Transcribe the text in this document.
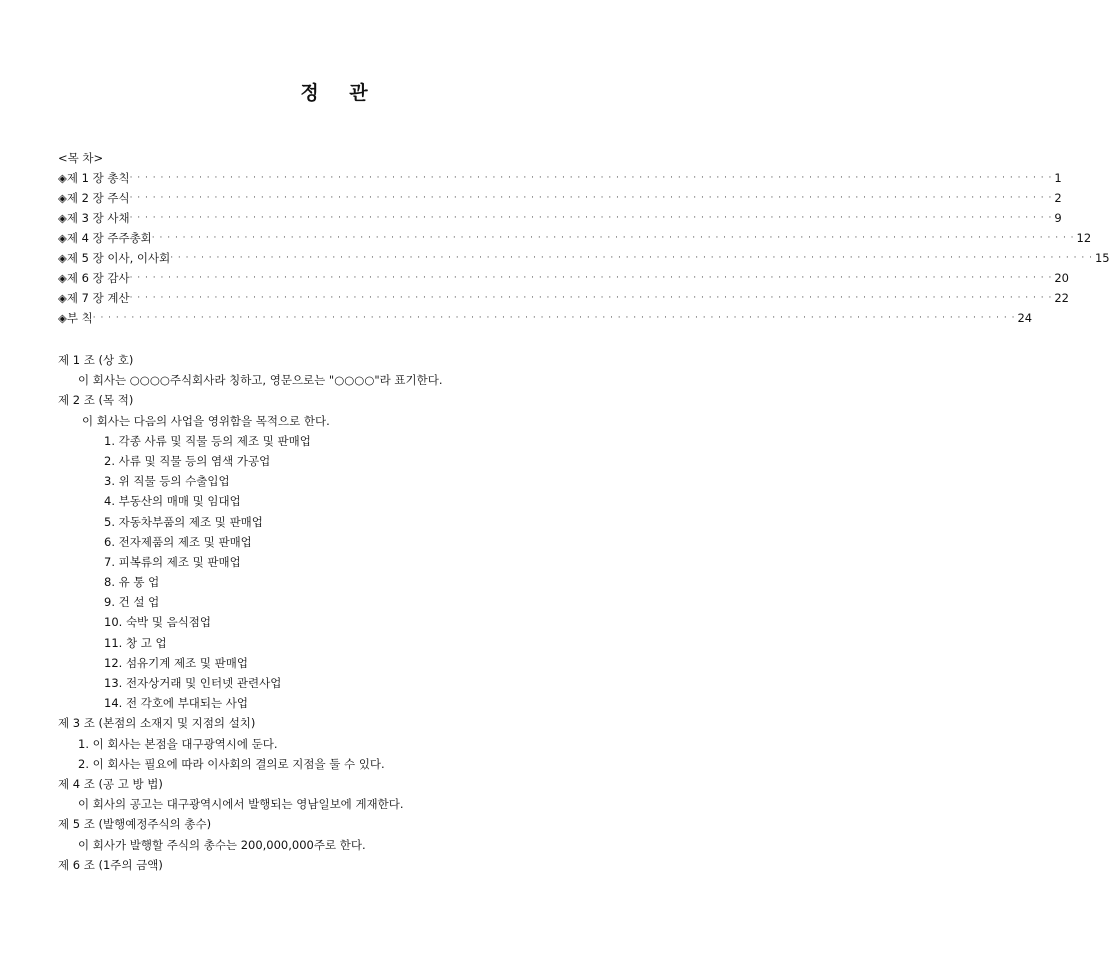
정 관
<목 차>
◈제 1 장 총칙 · · · · · · · · · · · · · · · · · · · · · · · · · · · · · · · · · · · · · · · · · · · · · · · · · · · · · · · · · · · · · · · · · · · · · · · · · · · · · · · · · · · · · · · · · · · · · · · · · · · · · · · · · · · · · · · · · · · · · · · · 1
◈제 2 장 주식 · · · · · · · · · · · · · · · · · · · · · · · · · · · · · · · · · · · · · · · · · · · · · · · · · · · · · · · · · · · · · · · · · · · · · · · · · · · · · · · · · · · · · · · · · · · · · · · · · · · · · · · · · · · · · · · · · · · · · · · · 2
◈제 3 장 사채 · · · · · · · · · · · · · · · · · · · · · · · · · · · · · · · · · · · · · · · · · · · · · · · · · · · · · · · · · · · · · · · · · · · · · · · · · · · · · · · · · · · · · · · · · · · · · · · · · · · · · · · · · · · · · · · · · · · · · · · · 9
◈제 4 장 주주총회 · · · · · · · · · · · · · · · · · · · · · · · · · · · · · · · · · · · · · · · · · · · · · · · · · · · · · · · · · · · · · · · · · · · · · · · · · · · · · · · · · · · · · · · · · · · · · · · · · · · · · · · · · · · · · · · · · · · · · · · · 12
◈제 5 장 이사, 이사회 · · · · · · · · · · · · · · · · · · · · · · · · · · · · · · · · · · · · · · · · · · · · · · · · · · · · · · · · · · · · · · · · · · · · · · · · · · · · · · · · · · · · · · · · · · · · · · · · · · · · · · · · · · · · · · · · · · · · · · · · 15
◈제 6 장 감사 · · · · · · · · · · · · · · · · · · · · · · · · · · · · · · · · · · · · · · · · · · · · · · · · · · · · · · · · · · · · · · · · · · · · · · · · · · · · · · · · · · · · · · · · · · · · · · · · · · · · · · · · · · · · · · · · · · · · · · · · 20
◈제 7 장 계산 · · · · · · · · · · · · · · · · · · · · · · · · · · · · · · · · · · · · · · · · · · · · · · · · · · · · · · · · · · · · · · · · · · · · · · · · · · · · · · · · · · · · · · · · · · · · · · · · · · · · · · · · · · · · · · · · · · · · · · · · 22
◈부 칙 · · · · · · · · · · · · · · · · · · · · · · · · · · · · · · · · · · · · · · · · · · · · · · · · · · · · · · · · · · · · · · · · · · · · · · · · · · · · · · · · · · · · · · · · · · · · · · · · · · · · · · · · · · · · · · · · · · · · · · · · 24
제 1 조 (상 호)
이 회사는 ○○○○주식회사라 칭하고, 영문으로는 "○○○○"라 표기한다.
제 2 조 (목 적)
이 회사는 다음의 사업을 영위함을 목적으로 한다.
1. 각종 사류 및 직물 등의 제조 및 판매업
2. 사류 및 직물 등의 염색 가공업
3. 위 직물 등의 수출입업
4. 부동산의 매매 및 임대업
5. 자동차부품의 제조 및 판매업
6. 전자제품의 제조 및 판매업
7. 피복류의 제조 및 판매업
8. 유 통 업
9. 건 설 업
10. 숙박 및 음식점업
11. 창 고 업
12. 섬유기계 제조 및 판매업
13. 전자상거래 및 인터넷 관련사업
14. 전 각호에 부대되는 사업
제 3 조 (본점의 소재지 및 지점의 설치)
1. 이 회사는 본점을 대구광역시에 둔다.
2. 이 회사는 필요에 따라 이사회의 결의로 지점을 둘 수 있다.
제 4 조 (공 고 방 법)
이 회사의 공고는 대구광역시에서 발행되는 영남일보에 게재한다.
제 5 조 (발행예정주식의 총수)
이 회사가 발행할 주식의 총수는 200,000,000주로 한다.
제 6 조 (1주의 금액)
